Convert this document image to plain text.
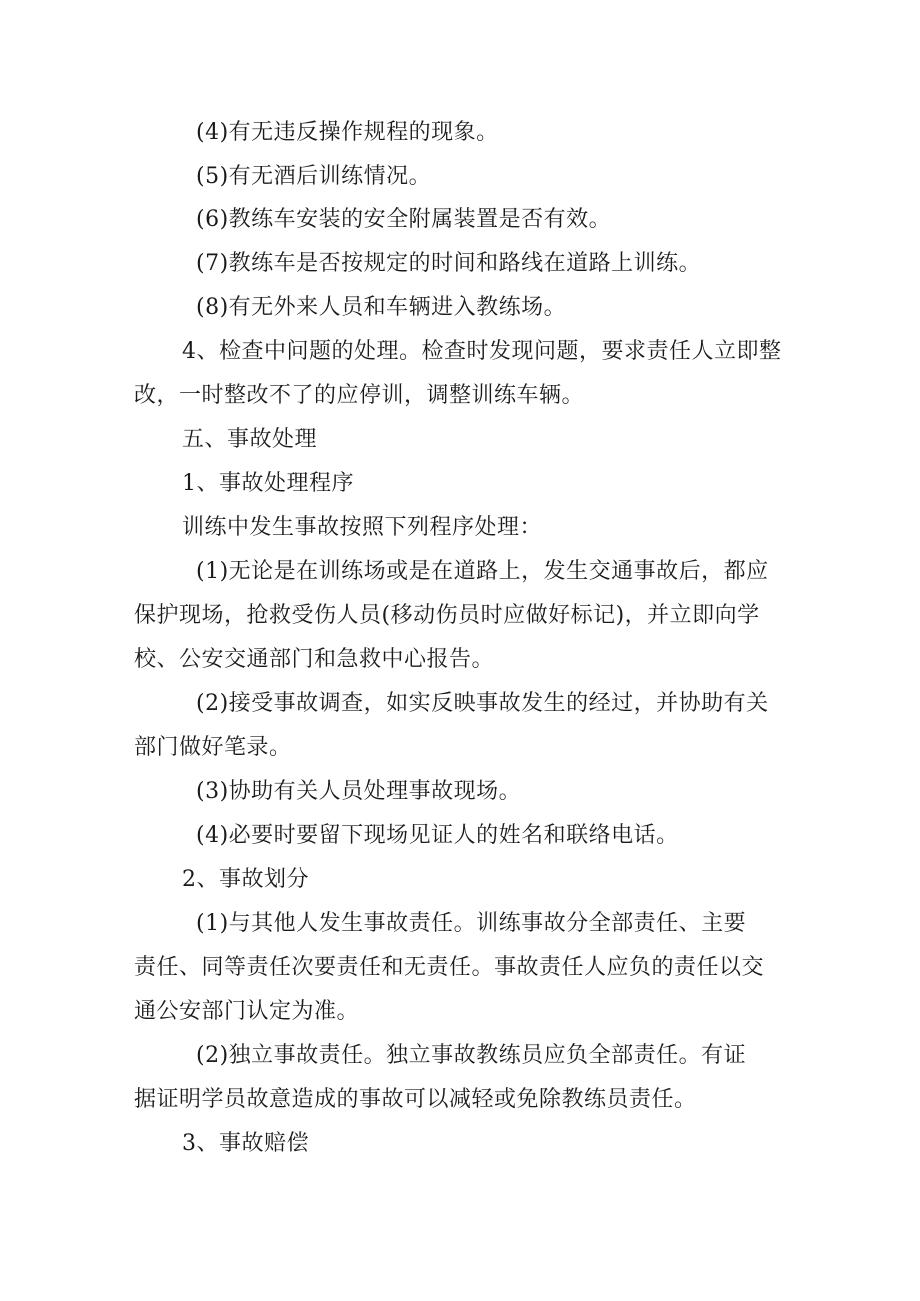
(4)有无违反操作规程的现象。
(5)有无酒后训练情况。
(6)教练车安装的安全附属装置是否有效。
(7)教练车是否按规定的时间和路线在道路上训练。
(8)有无外来人员和车辆进入教练场。
4、检查中问题的处理。检查时发现问题，要求责任人立即整
改，一时整改不了的应停训，调整训练车辆。
五、事故处理
1、事故处理程序
训练中发生事故按照下列程序处理：
(1)无论是在训练场或是在道路上，发生交通事故后，都应
保护现场，抢救受伤人员(移动伤员时应做好标记)，并立即向学
校、公安交通部门和急救中心报告。
(2)接受事故调查，如实反映事故发生的经过，并协助有关
部门做好笔录。
(3)协助有关人员处理事故现场。
(4)必要时要留下现场见证人的姓名和联络电话。
2、事故划分
(1)与其他人发生事故责任。训练事故分全部责任、主要
责任、同等责任次要责任和无责任。事故责任人应负的责任以交
通公安部门认定为准。
(2)独立事故责任。独立事故教练员应负全部责任。有证
据证明学员故意造成的事故可以减轻或免除教练员责任。
3、事故赔偿
